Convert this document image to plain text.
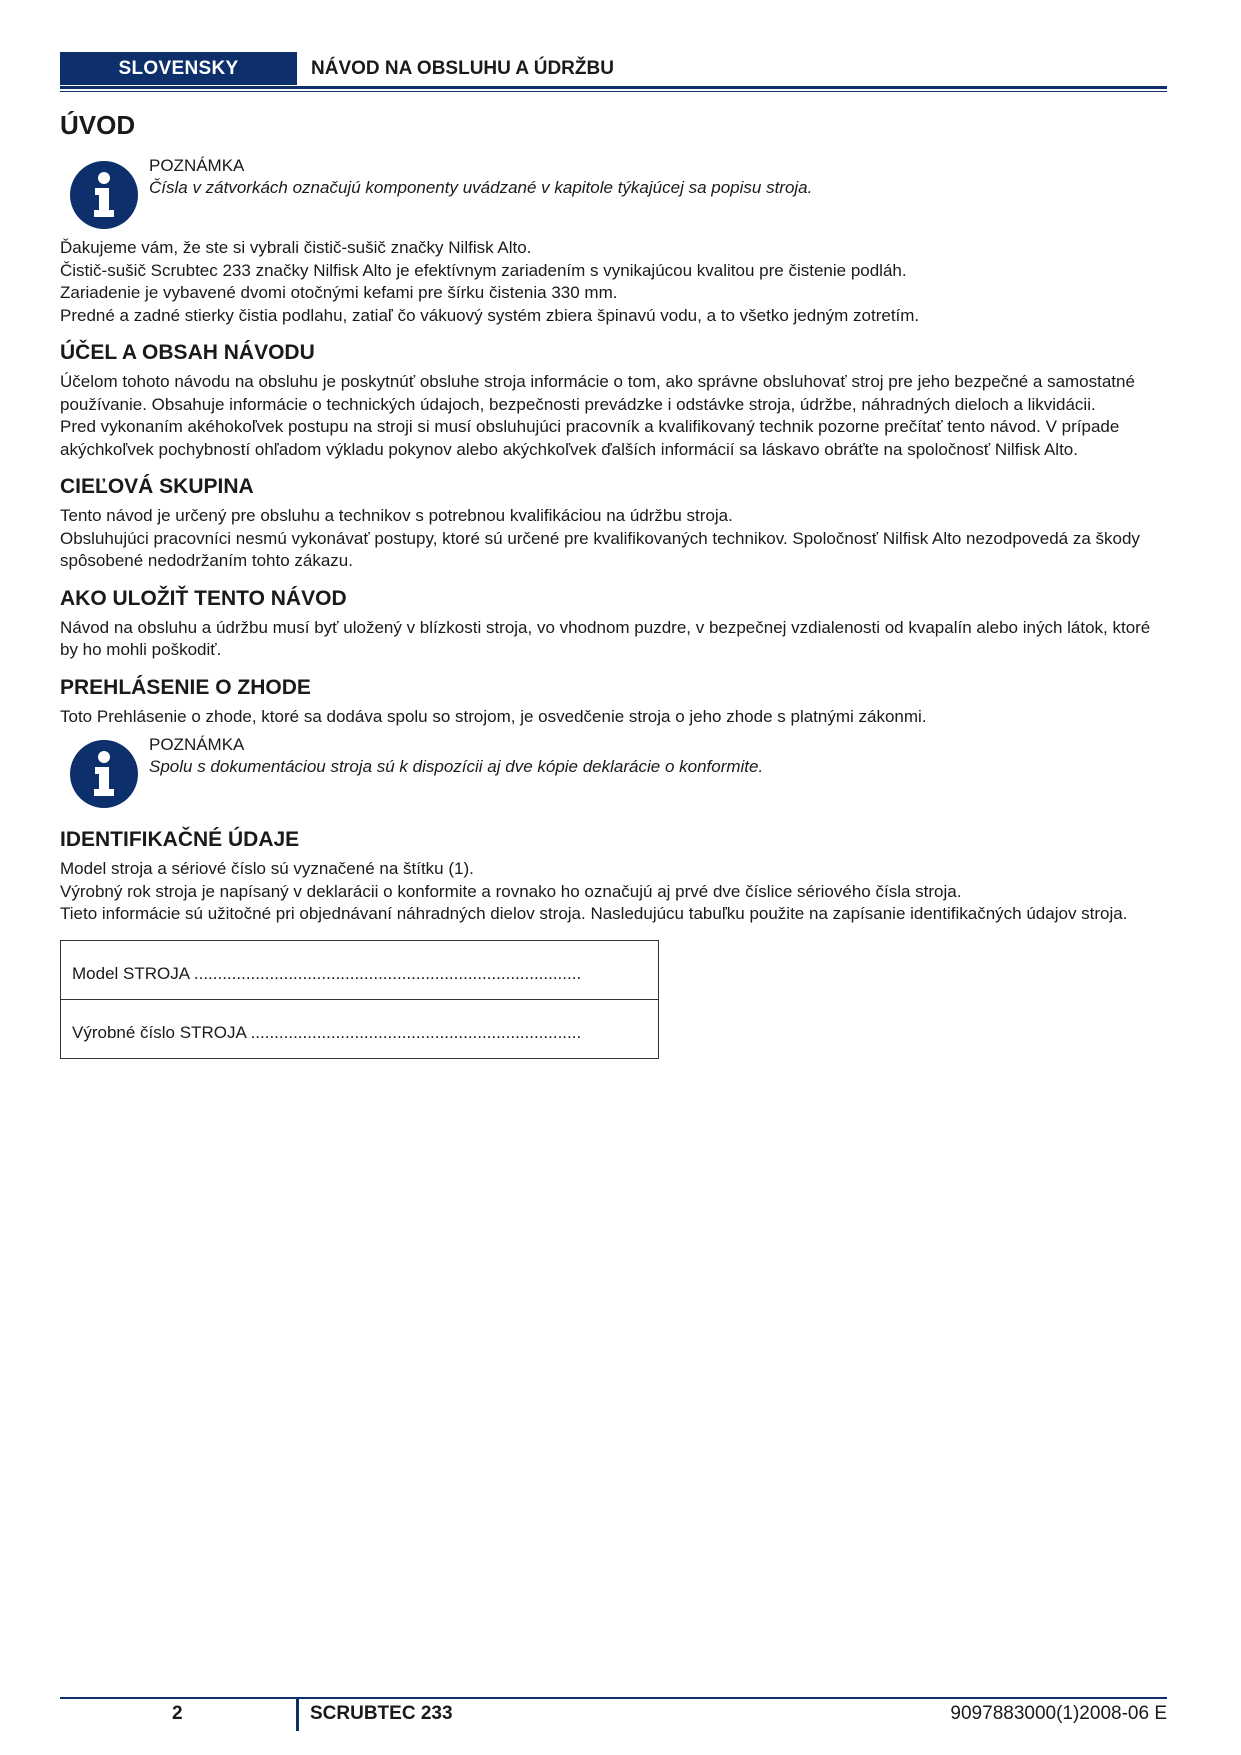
SLOVENSKY	NÁVOD NA OBSLUHU A ÚDRŽBU
ÚVOD
POZNÁMKA
Čísla v zátvorkách označujú komponenty uvádzané v kapitole týkajúcej sa popisu stroja.

Ďakujeme vám, že ste si vybrali čistič-sušič značky Nilfisk Alto.

Čistič-sušič Scrubtec 233 značky Nilfisk Alto je efektívnym zariadením s vynikajúcou kvalitou pre čistenie podláh.

Zariadenie je vybavené dvomi otočnými kefami pre šírku čistenia 330 mm.

Predné a zadné stierky čistia podlahu, zatiaľ čo vákuový systém zbiera špinavú vodu, a to všetko jedným zotretím.

ÚČEL A OBSAH NÁVODU

Účelom tohoto návodu na obsluhu je poskytnúť obsluhe stroja informácie o tom, ako správne obsluhovať stroj pre jeho bezpečné a samostatné používanie. Obsahuje informácie o technických údajoch, bezpečnosti prevádzke i odstávke stroja, údržbe, náhradných dieloch a likvidácii.

Pred vykonaním akéhokoľvek postupu na stroji si musí obsluhujúci pracovník a kvalifikovaný technik pozorne prečítať tento návod. V prípade akýchkoľvek pochybností ohľadom výkladu pokynov alebo akýchkoľvek ďalších informácií sa láskavo obráťte na spoločnosť Nilfisk Alto.

CIEĽOVÁ SKUPINA

Tento návod je určený pre obsluhu a technikov s potrebnou kvalifikáciou na údržbu stroja.

Obsluhujúci pracovníci nesmú vykonávať postupy, ktoré sú určené pre kvalifikovaných technikov. Spoločnosť Nilfisk Alto nezodpovedá za škody spôsobené nedodržaním tohto zákazu.

AKO ULOŽIŤ TENTO NÁVOD

Návod na obsluhu a údržbu musí byť uložený v blízkosti stroja, vo vhodnom puzdre, v bezpečnej vzdialenosti od kvapalín alebo iných látok, ktoré by ho mohli poškodiť.

PREHLÁSENIE O ZHODE

Toto Prehlásenie o zhode, ktoré sa dodáva spolu so strojom, je osvedčenie stroja o jeho zhode s platnými zákonmi.

POZNÁMKA
Spolu s dokumentáciou stroja sú k dispozícii aj dve kópie deklarácie o konformite.
IDENTIFIKAČNÉ ÚDAJE

Model stroja a sériové číslo sú vyznačené na štítku (1).

Výrobný rok stroja je napísaný v deklarácii o konformite a rovnako ho označujú aj prvé dve číslice sériového čísla stroja.

Tieto informácie sú užitočné pri objednávaní náhradných dielov stroja. Nasledujúcu tabuľku použite na zapísanie identifikačných údajov stroja.

Model STROJA ..................................................................................
Výrobné číslo STROJA ......................................................................
2	SCRUBTEC 233	9097883000(1)2008-06 E
